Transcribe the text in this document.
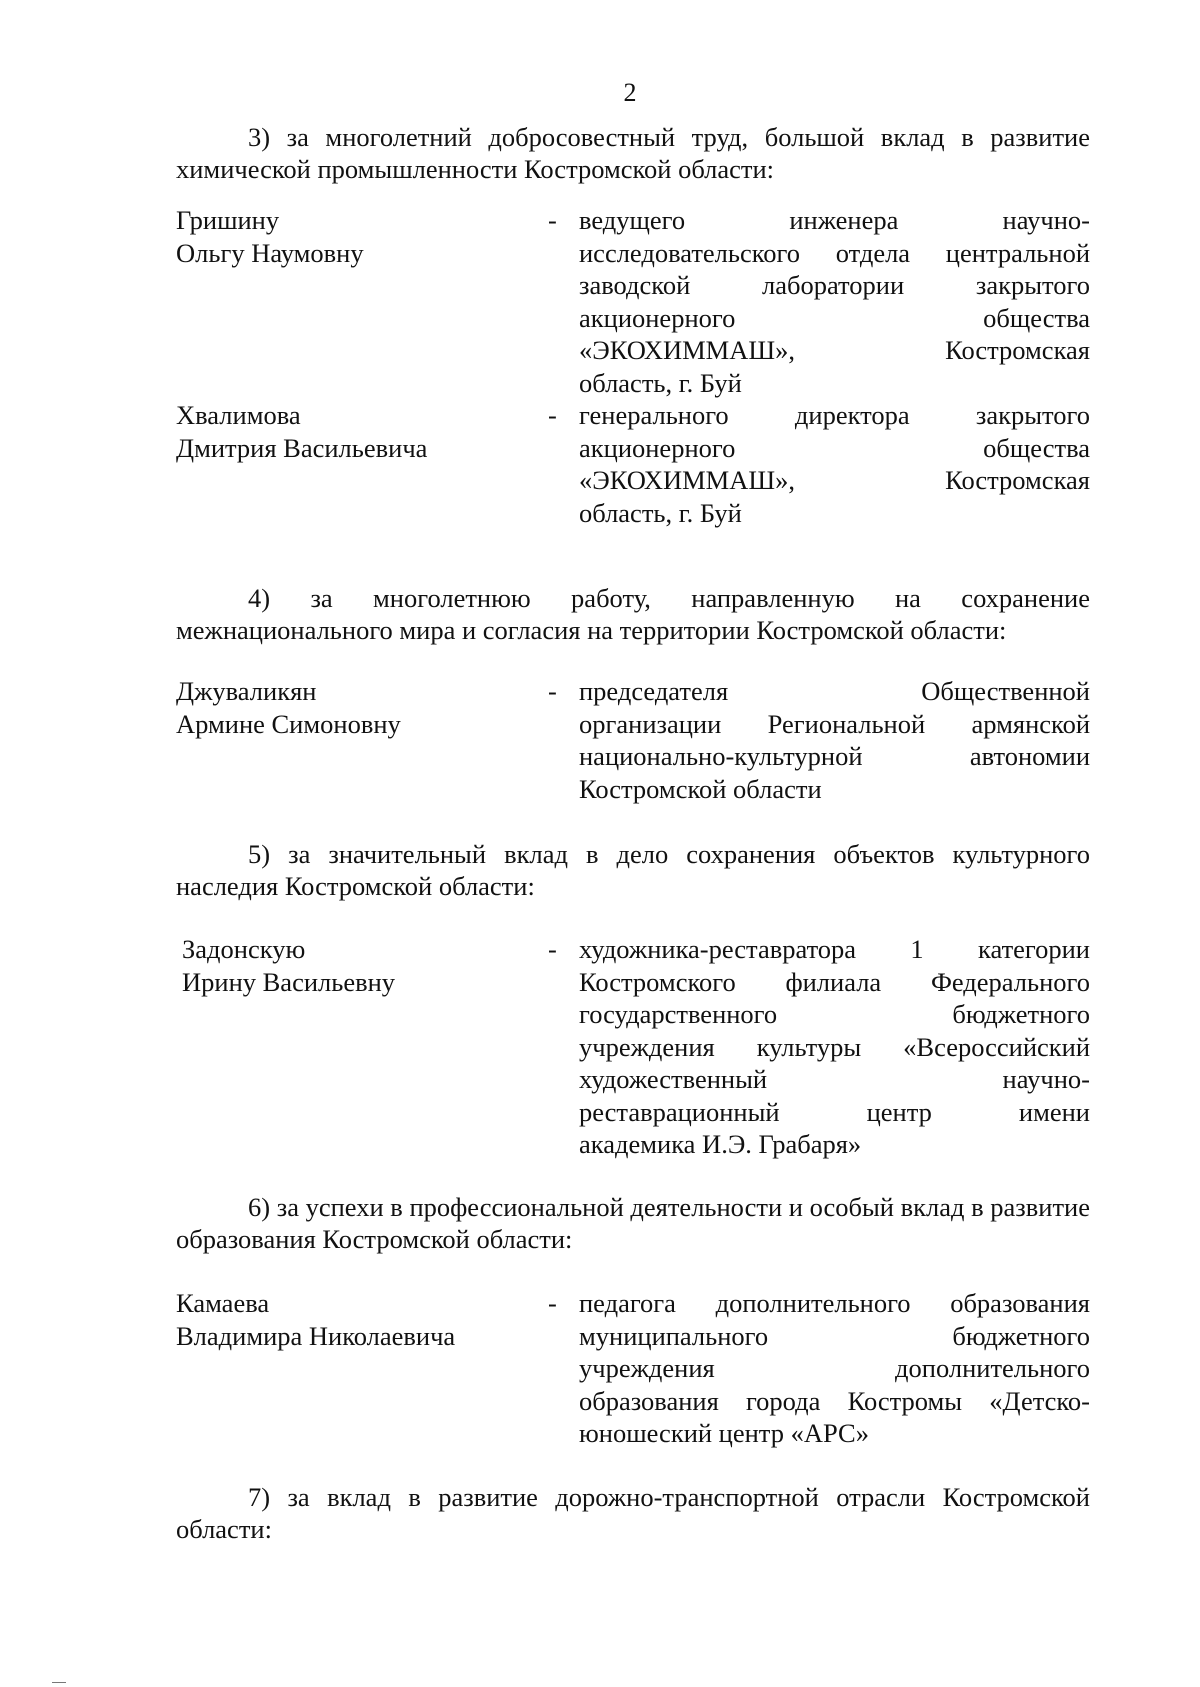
2
3) за многолетний добросовестный труд, большой вклад в развитие химической промышленности Костромской области:
Гришину
Ольгу Наумовну
- ведущего инженера научно-
исследовательского отдела центральной
заводской лаборатории закрытого
акционерного общества
«ЭКОХИММАШ», Костромская
область, г. Буй
Хвалимова
Дмитрия Васильевича
- генерального директора закрытого
акционерного общества
«ЭКОХИММАШ», Костромская
область, г. Буй
4) за многолетнюю работу, направленную на сохранение межнационального мира и согласия на территории Костромской области:
Джуваликян
Армине Симоновну
- председателя Общественной
организации Региональной армянской
национально-культурной автономии
Костромской области
5) за значительный вклад в дело сохранения объектов культурного наследия Костромской области:
Задонскую
Ирину Васильевну
- художника-реставратора 1 категории
Костромского филиала Федерального
государственного бюджетного
учреждения культуры «Всероссийский
художественный научно-
реставрационный центр имени
академика И.Э. Грабаря»
6) за успехи в профессиональной деятельности и особый вклад в развитие образования Костромской области:
Камаева
Владимира Николаевича
- педагога дополнительного образования
муниципального бюджетного
учреждения дополнительного
образования города Костромы «Детско-
юношеский центр «АРС»
7) за вклад в развитие дорожно-транспортной отрасли Костромской области:
